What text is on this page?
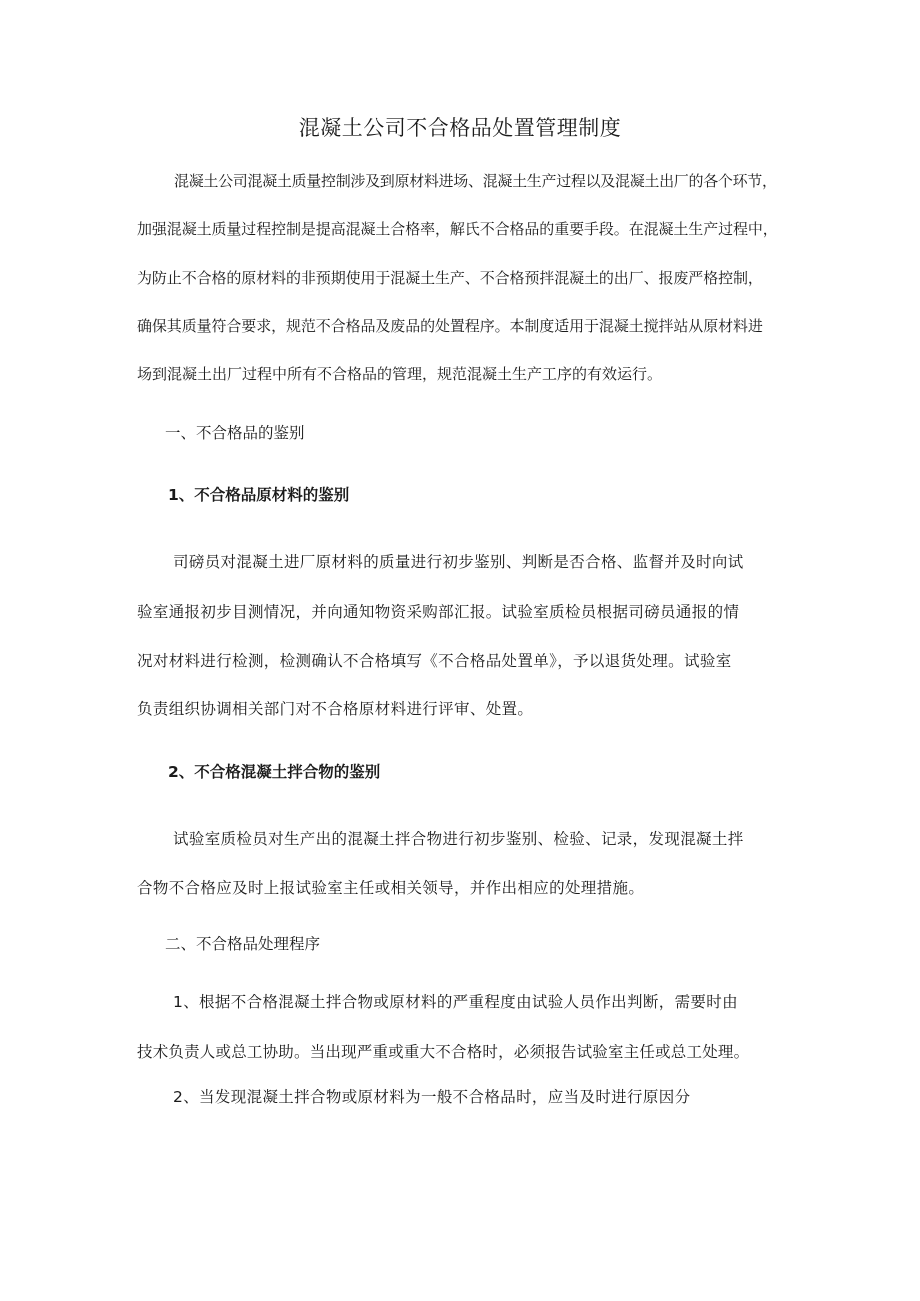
混凝土公司不合格品处置管理制度
混凝土公司混凝土质量控制涉及到原材料进场、混凝土生产过程以及混凝土出厂的各个环节，
加强混凝土质量过程控制是提高混凝土合格率，解氏不合格品的重要手段。在混凝土生产过程中，
为防止不合格的原材料的非预期使用于混凝土生产、不合格预拌混凝土的出厂、报废严格控制，
确保其质量符合要求，规范不合格品及废品的处置程序。本制度适用于混凝土搅拌站从原材料进
场到混凝土出厂过程中所有不合格品的管理，规范混凝土生产工序的有效运行。
一、不合格品的鉴别
1、不合格品原材料的鉴别
司磅员对混凝土进厂原材料的质量进行初步鉴别、判断是否合格、监督并及时向试
验室通报初步目测情况，并向通知物资采购部汇报。试验室质检员根据司磅员通报的情
况对材料进行检测，检测确认不合格填写《不合格品处置单》，予以退货处理。试验室
负责组织协调相关部门对不合格原材料进行评审、处置。
2、不合格混凝土拌合物的鉴别
试验室质检员对生产出的混凝土拌合物进行初步鉴别、检验、记录，发现混凝土拌
合物不合格应及时上报试验室主任或相关领导，并作出相应的处理措施。
二、不合格品处理程序
1、根据不合格混凝土拌合物或原材料的严重程度由试验人员作出判断，需要时由
技术负责人或总工协助。当出现严重或重大不合格时，必须报告试验室主任或总工处理。
2、当发现混凝土拌合物或原材料为一般不合格品时，应当及时进行原因分
